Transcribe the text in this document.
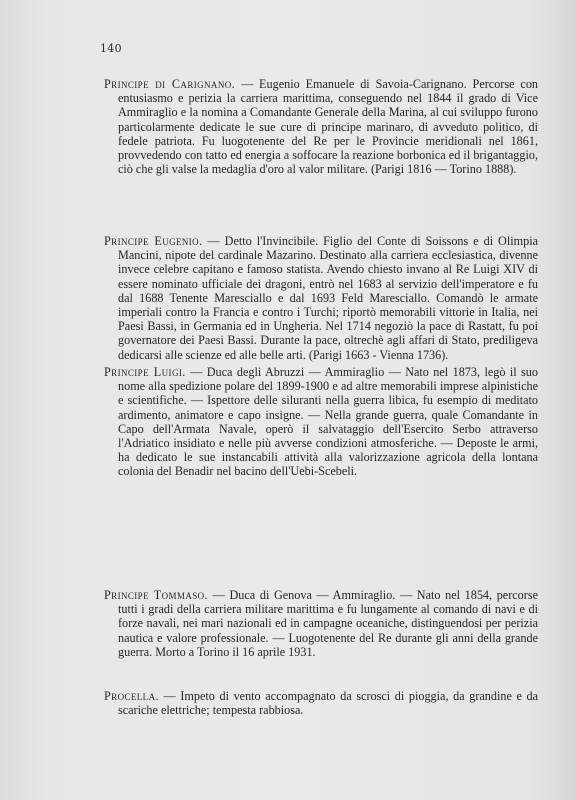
140
Principe di Carignano. — Eugenio Emanuele di Savoia-Carignano. Percorse con entusiasmo e perizia la carriera marittima, conseguendo nel 1844 il grado di Vice Ammiraglio e la nomina a Comandante Generale della Marina, al cui sviluppo furono particolarmente dedicate le sue cure di principe marinaro, di avveduto politico, di fedele patriota. Fu luogotenente del Re per le Provincie meridionali nel 1861, provvedendo con tatto ed energia a soffocare la reazione borbonica ed il brigantaggio, ciò che gli valse la medaglia d'oro al valor militare. (Parigi 1816 — Torino 1888).
Principe Eugenio. — Detto l'Invincibile. Figlio del Conte di Soissons e di Olimpia Mancini, nipote del cardinale Mazarino. Destinato alla carriera ecclesiastica, divenne invece celebre capitano e famoso statista. Avendo chiesto invano al Re Luigi XIV di essere nominato ufficiale dei dragoni, entrò nel 1683 al servizio dell'imperatore e fu dal 1688 Tenente Maresciallo e dal 1693 Feld Maresciallo. Comandò le armate imperiali contro la Francia e contro i Turchi; riportò memorabili vittorie in Italia, nei Paesi Bassi, in Germania ed in Ungheria. Nel 1714 negoziò la pace di Rastatt, fu poi governatore dei Paesi Bassi. Durante la pace, oltrechè agli affari di Stato, prediligeva dedicarsi alle scienze ed alle belle arti. (Parigi 1663 - Vienna 1736).
Principe Luigi. — Duca degli Abruzzi — Ammiraglio — Nato nel 1873, legò il suo nome alla spedizione polare del 1899-1900 e ad altre memorabili imprese alpinistiche e scientifiche. — Ispettore delle siluranti nella guerra libica, fu esempio di meditato ardimento, animatore e capo insigne. — Nella grande guerra, quale Comandante in Capo dell'Armata Navale, operò il salvataggio dell'Esercito Serbo attraverso l'Adriatico insidiato e nelle più avverse condizioni atmosferiche. — Deposte le armi, ha dedicato le sue instancabili attività alla valorizzazione agricola della lontana colonia del Benadir nel bacino dell'Uebi-Scebeli.
Principe Tommaso. — Duca di Genova — Ammiraglio. — Nato nel 1854, percorse tutti i gradi della carriera militare marittima e fu lungamente al comando di navi e di forze navali, nei mari nazionali ed in campagne oceaniche, distinguendosi per perizia nautica e valore professionale. — Luogotenente del Re durante gli anni della grande guerra. Morto a Torino il 16 aprile 1931.
Procella. — Impeto di vento accompagnato da scrosci di pioggia, da grandine e da scariche elettriche; tempesta rabbiosa.
